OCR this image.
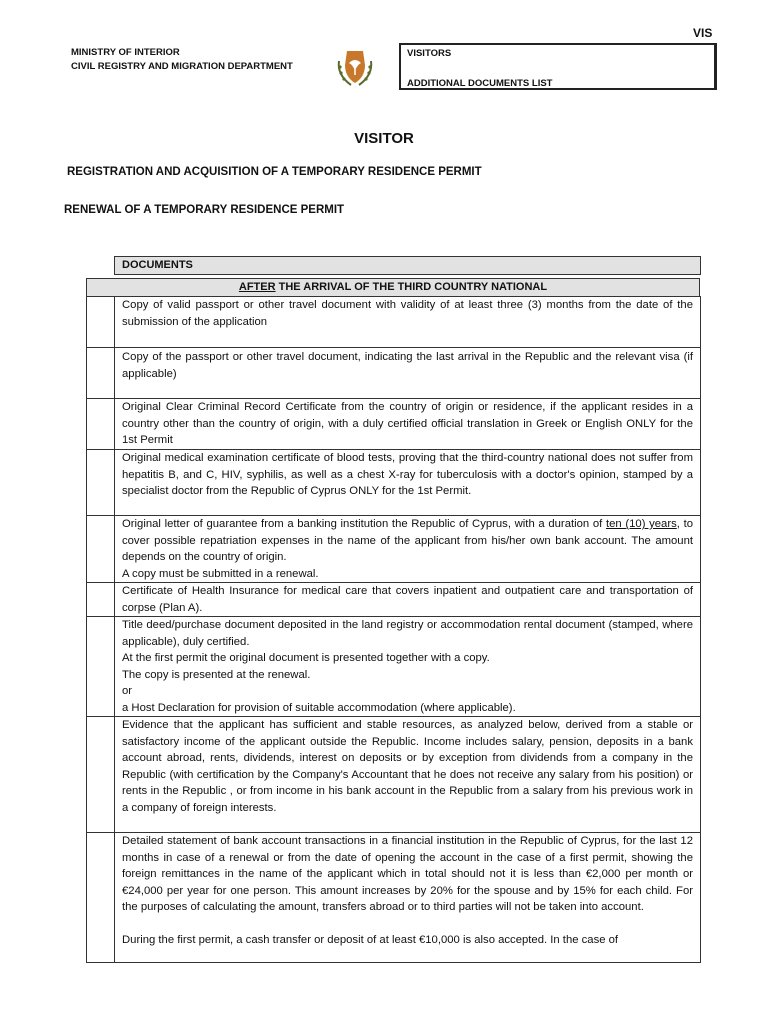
VIS
MINISTRY OF INTERIOR
CIVIL REGISTRY AND MIGRATION DEPARTMENT
VISITORS
ADDITIONAL DOCUMENTS LIST
VISITOR
REGISTRATION AND ACQUISITION OF A TEMPORARY RESIDENCE PERMIT
RENEWAL OF A TEMPORARY RESIDENCE PERMIT
DOCUMENTS
AFTER THE ARRIVAL OF THE THIRD COUNTRY NATIONAL

	Copy of valid passport or other travel document with validity of at least three (3) months from the date of the submission of the application

	Copy of the passport or other travel document, indicating the last arrival in the Republic and the relevant visa (if applicable)

	Original Clear Criminal Record Certificate from the country of origin or residence, if the applicant resides in a country other than the country of origin, with a duly certified official translation in Greek or English ONLY for the 1st Permit

	Original medical examination certificate of blood tests, proving that the third-country national does not suffer from hepatitis B, and C, HIV, syphilis, as well as a chest X-ray for tuberculosis with a doctor's opinion, stamped by a specialist doctor from the Republic of Cyprus ONLY for the 1st Permit.

	Original letter of guarantee from a banking institution the Republic of Cyprus, with a duration of ten (10) years, to cover possible repatriation expenses in the name of the applicant from his/her own bank account. The amount depends on the country of origin.

A copy must be submitted in a renewal.

	Certificate of Health Insurance for medical care that covers inpatient and outpatient care and transportation of corpse (Plan A).

	Title deed/purchase document deposited in the land registry or accommodation rental document (stamped, where applicable), duly certified.

At the first permit the original document is presented together with a copy.

The copy is presented at the renewal.

or

a Host Declaration for provision of suitable accommodation (where applicable).

	Evidence that the applicant has sufficient and stable resources, as analyzed below, derived from a stable or satisfactory income of the applicant outside the Republic. Income includes salary, pension, deposits in a bank account abroad, rents, dividends, interest on deposits or by exception from dividends from a company in the Republic (with certification by the Company's Accountant that he does not receive any salary from his position) or rents in the Republic , or from income in his bank account in the Republic from a salary from his previous work in a company of foreign interests.

	Detailed statement of bank account transactions in a financial institution in the Republic of Cyprus, for the last 12 months in case of a renewal or from the date of opening the account in the case of a first permit, showing the foreign remittances in the name of the applicant which in total should not it is less than €2,000 per month or €24,000 per year for one person. This amount increases by 20% for the spouse and by 15% for each child. For the purposes of calculating the amount, transfers abroad or to third parties will not be taken into account.

During the first permit, a cash transfer or deposit of at least €10,000 is also accepted. In the case of
